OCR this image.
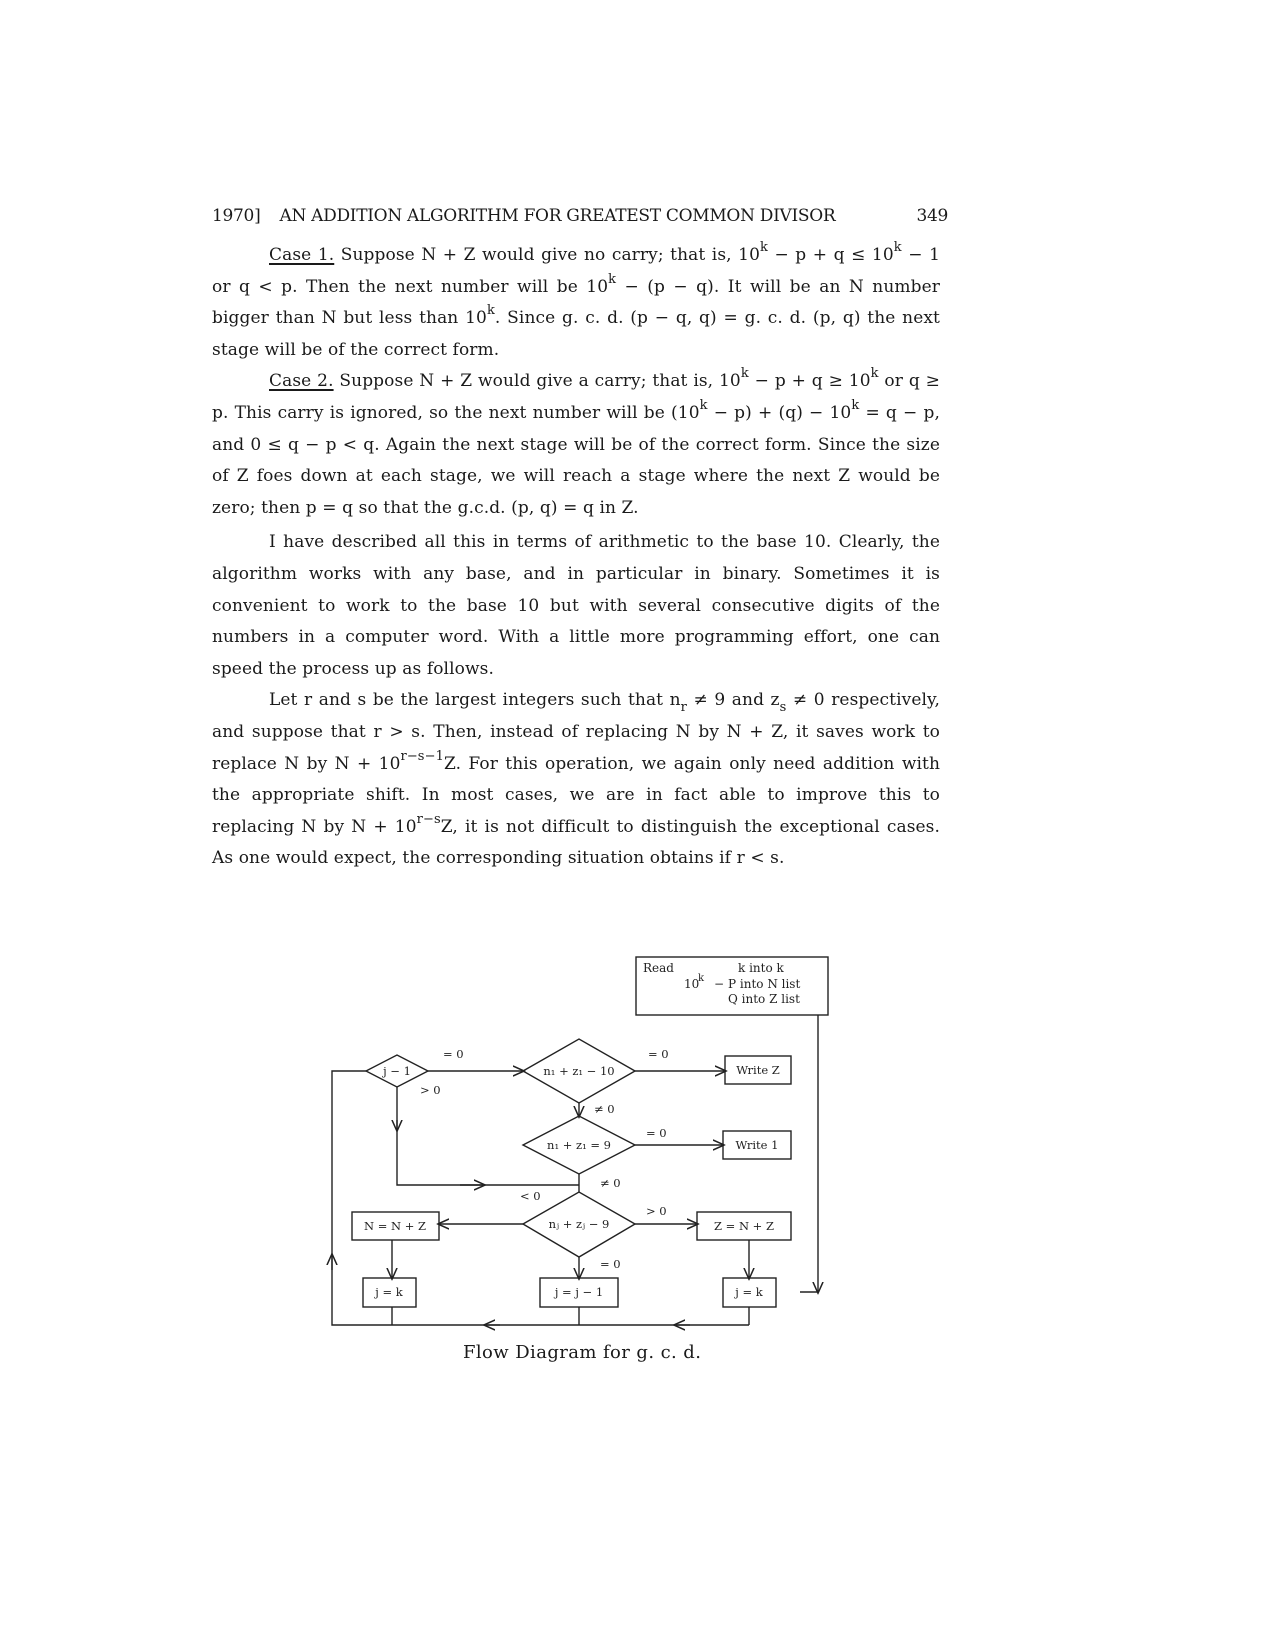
1970] AN ADDITION ALGORITHM FOR GREATEST COMMON DIVISOR	349

Case 1. Suppose N + Z would give no carry; that is, $10^k - p + q \le 10^k - 1$ or q < p. Then the next number will be $10^k - (p - q)$. It will be an N number bigger than N but less than 10$^k$. Since g. c. d. (p − q, q) = g. c. d. (p, q) the next stage will be of the correct form.

Case 2. Suppose N + Z would give a carry; that is, $10^k - p + q \ge 10^k$ or q ≥ p. This carry is ignored, so the next number will be $(10^k - p) + (q) - 10^k = q - p$, and 0 ≤ q − p < q. Again the next stage will be of the correct form. Since the size of Z foes down at each stage, we will reach a stage where the next Z would be zero; then p = q so that the g.c.d. (p, q) = q in Z.

I have described all this in terms of arithmetic to the base 10. Clearly, the algorithm works with any base, and in particular in binary. Sometimes it is convenient to work to the base 10 but with several consecutive digits of the numbers in a computer word. With a little more programming effort, one can speed the process up as follows.

Let r and s be the largest integers such that $n_r \ne 9$ and $z_s \ne 0$ respectively, and suppose that r > s. Then, instead of replacing N by N + Z, it saves work to replace N by $N + 10^{r-s-1}Z$. For this operation, we again only need addition with the appropriate shift. In most cases, we are in fact able to improve this to replacing N by $N + 10^{r-s}Z$, it is not difficult to distinguish the exceptional cases. As one would expect, the corresponding situation obtains if r < s.

Read	k into k
10
k − P into N list
Q into Z list
j − 1	n₁ + z₁ − 10
n₁ + z₁ = 9
nⱼ + zⱼ − 9
Write Z
Write 1
N = N + Z	Z = N + Z
j = k	j = j − 1	j = k
= 0
> 0
= 0
≠ 0
= 0
≠ 0
< 0
> 0
= 0
Flow Diagram for g. c. d.
